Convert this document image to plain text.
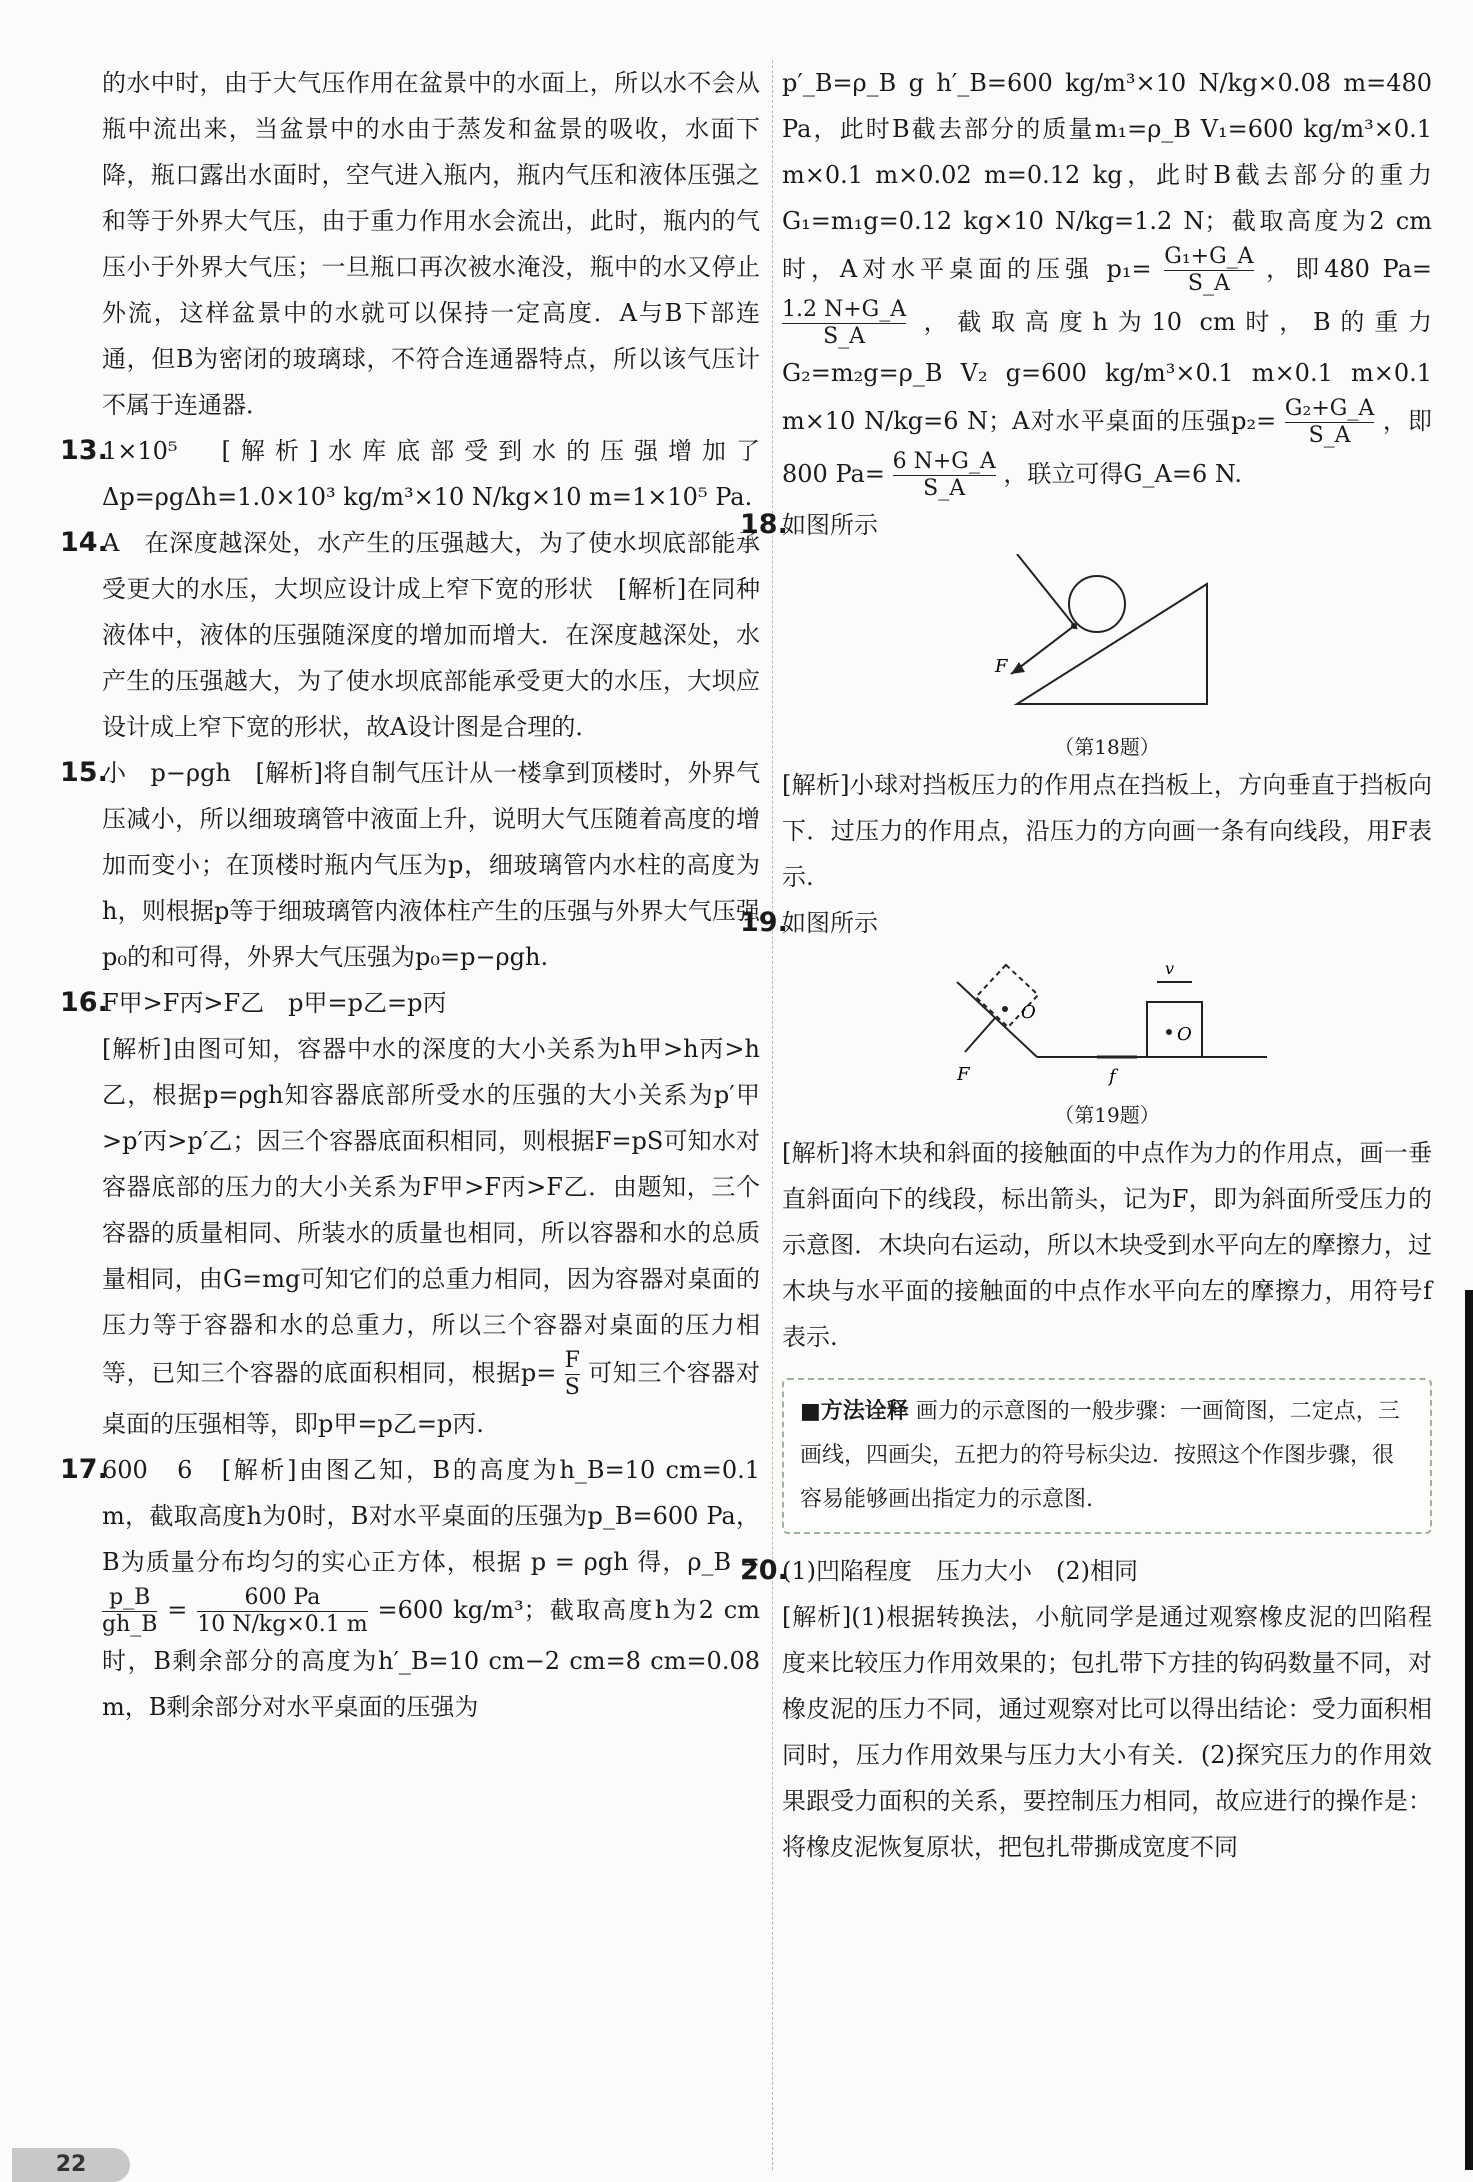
的水中时，由于大气压作用在盆景中的水面上，所以水不会从瓶中流出来，当盆景中的水由于蒸发和盆景的吸收，水面下降，瓶口露出水面时，空气进入瓶内，瓶内气压和液体压强之和等于外界大气压，由于重力作用水会流出，此时，瓶内的气压小于外界大气压；一旦瓶口再次被水淹没，瓶中的水又停止外流，这样盆景中的水就可以保持一定高度．A与B下部连通，但B为密闭的玻璃球，不符合连通器特点，所以该气压计不属于连通器．

13.

1×10⁵　[解析]水库底部受到水的压强增加了Δp=ρgΔh=1.0×10³ kg/m³×10 N/kg×10 m=1×10⁵ Pa.

14.

A　在深度越深处，水产生的压强越大，为了使水坝底部能承受更大的水压，大坝应设计成上窄下宽的形状　[解析]在同种液体中，液体的压强随深度的增加而增大．在深度越深处，水产生的压强越大，为了使水坝底部能承受更大的水压，大坝应设计成上窄下宽的形状，故A设计图是合理的．

15.

小　p−ρgh　[解析]将自制气压计从一楼拿到顶楼时，外界气压减小，所以细玻璃管中液面上升，说明大气压随着高度的增加而变小；在顶楼时瓶内气压为p，细玻璃管内水柱的高度为h，则根据p等于细玻璃管内液体柱产生的压强与外界大气压强p₀的和可得，外界大气压强为p₀=p−ρgh.

16.

F甲>F丙>F乙　p甲=p乙=p丙

[解析]由图可知，容器中水的深度的大小关系为h甲>h丙>h乙，根据p=ρgh知容器底部所受水的压强的大小关系为p′甲>p′丙>p′乙；因三个容器底面积相同，则根据F=pS可知水对容器底部的压力的大小关系为F甲>F丙>F乙．由题知，三个容器的质量相同、所装水的质量也相同，所以容器和水的总质量相同，由G=mg可知它们的总重力相同，因为容器对桌面的压力等于容器和水的总重力，所以三个容器对桌面的压力相等，已知三个容器的底面积相同，根据$p= \frac{F}{S}$ 可知三个容器对桌面的压强相等，即p甲=p乙=p丙.

17.

600　6　[解析]由图乙知，B的高度为h_B=10 cm=0.1 m，截取高度h为0时，B对水平桌面的压强为p_B=600 Pa，B为质量分布均匀的实心正方体，根据 p = ρgh 得，ρ_B =
$\frac{p\_B}{gh\_B} = \frac{600 Pa}{10 N/kg\times 0.1 m} =600$ kg/m³；截取高度h为2 cm时，B剩余部分的高度为h′_B=10 cm−2 cm=8 cm=0.08 m，B剩余部分对水平桌面的压强为

p′_B=ρ_B g h′_B=600 kg/m³×10 N/kg×0.08 m=480 Pa，此时B截去部分的质量m₁=ρ_B V₁=600 kg/m³×0.1 m×0.1 m×0.02 m=0.12 kg，此时B截去部分的重力G₁=m₁g=0.12 kg×10 N/kg=1.2 N；截取高度为2 cm时，A对水平桌面的压强 $p_1= \frac{\text{G₁+G\_A}}{S\_A}$ ，即480 Pa=
$\frac{1.2 N+G\_A}{S\_A}$ ，截取高度h为10 cm时，B的重力G₂=m₂g=ρ_B V₂ g=600 kg/m³×0.1 m×0.1 m×0.1 m×10 N/kg=6 N；A对水平桌面的压强$p_2= \frac{\text{G₂+G\_A}}{S\_A}$ ，即800 $Pa= \frac{6 N+G\_A}{S\_A}$ ，联立可得G_A=6 N.

18.

如图所示

F

（第18题）

[解析]小球对挡板压力的作用点在挡板上，方向垂直于挡板向下．过压力的作用点，沿压力的方向画一条有向线段，用F表示.

19.

如图所示

F
O
O
v
f

（第19题）

[解析]将木块和斜面的接触面的中点作为力的作用点，画一垂直斜面向下的线段，标出箭头，记为F，即为斜面所受压力的示意图．木块向右运动，所以木块受到水平向左的摩擦力，过木块与水平面的接触面的中点作水平向左的摩擦力，用符号f表示.

■方法诠释 画力的示意图的一般步骤：一画简图，二定点，三画线，四画尖，五把力的符号标尖边．按照这个作图步骤，很容易能够画出指定力的示意图.
20.

(1)凹陷程度　压力大小　(2)相同

[解析](1)根据转换法，小航同学是通过观察橡皮泥的凹陷程度来比较压力作用效果的；包扎带下方挂的钩码数量不同，对橡皮泥的压力不同，通过观察对比可以得出结论：受力面积相同时，压力作用效果与压力大小有关．(2)探究压力的作用效果跟受力面积的关系，要控制压力相同，故应进行的操作是：将橡皮泥恢复原状，把包扎带撕成宽度不同

22
